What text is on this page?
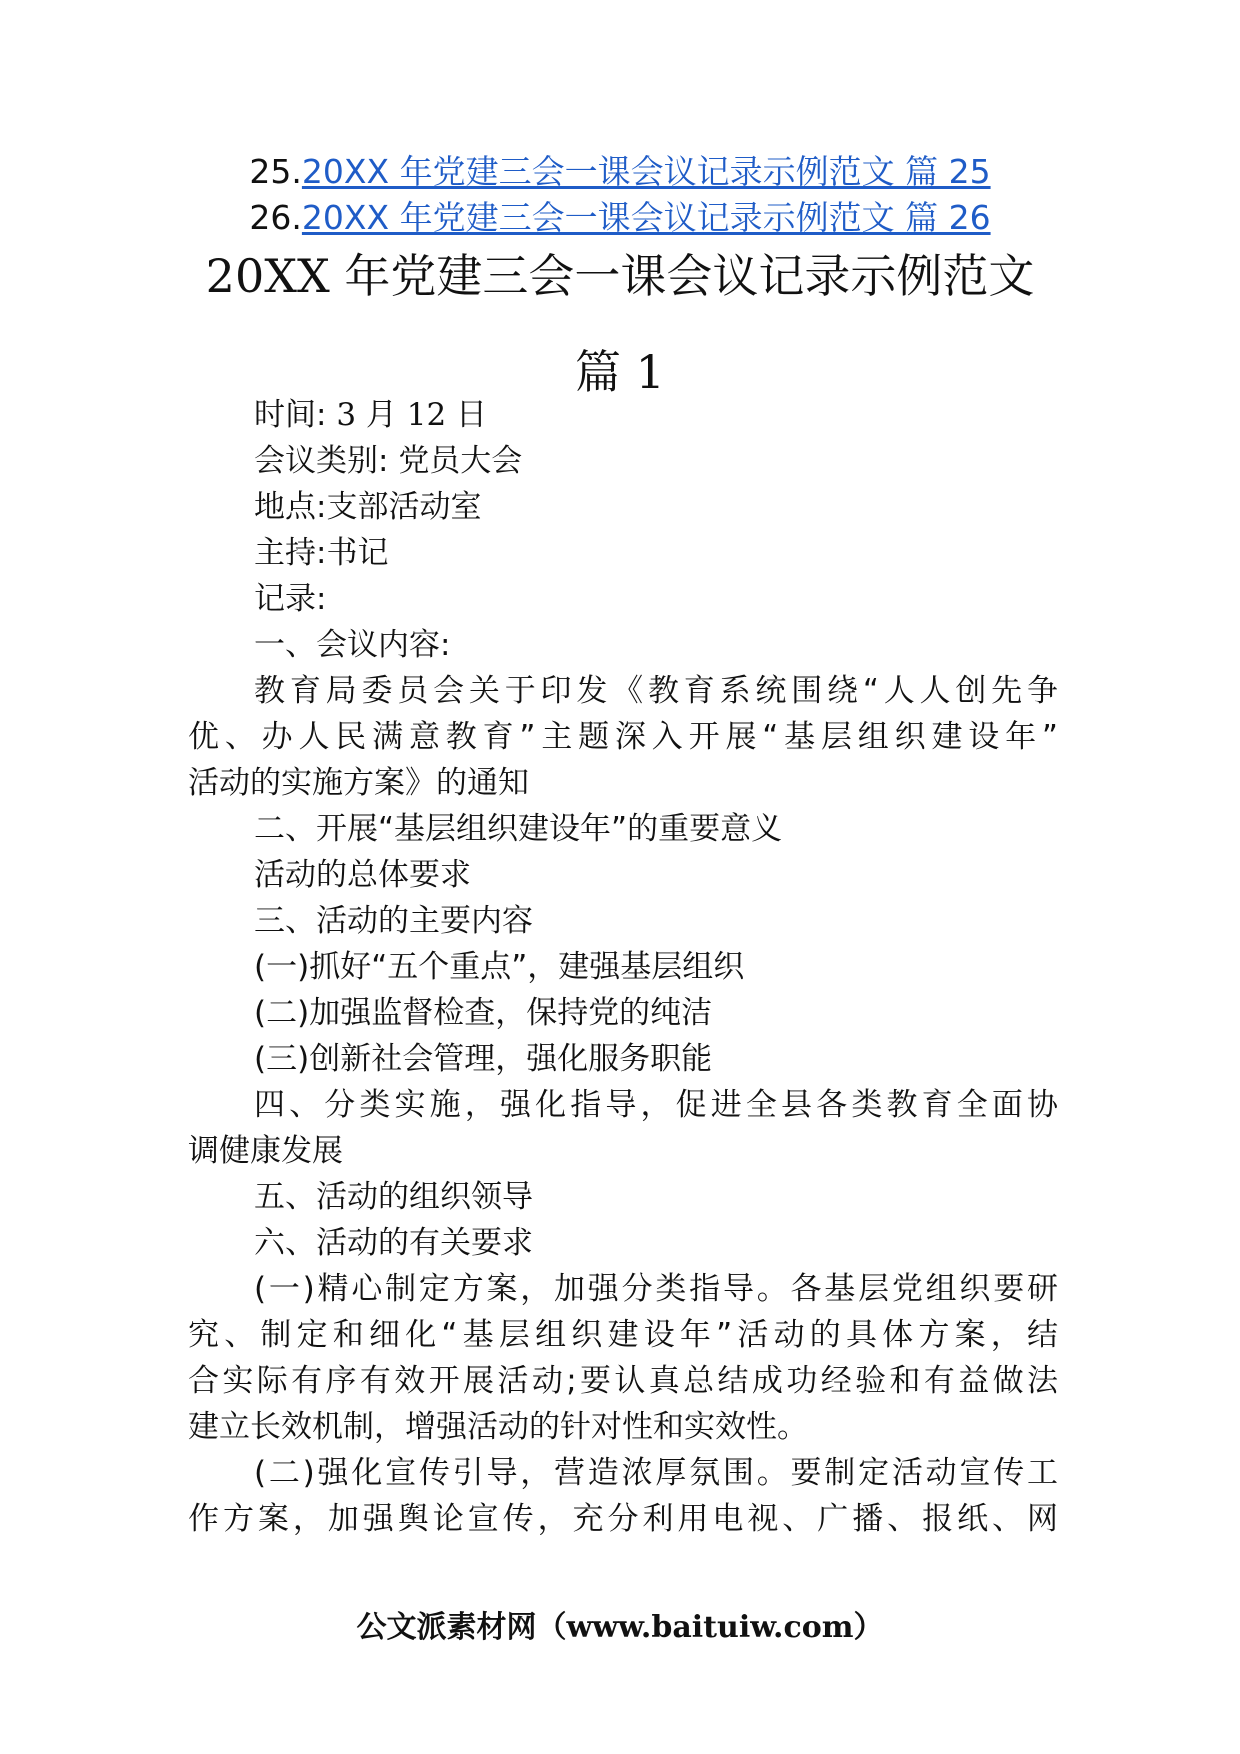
25.20XX 年党建三会一课会议记录示例范文 篇 25
26.20XX 年党建三会一课会议记录示例范文 篇 26
20XX 年党建三会一课会议记录示例范文
篇 1
时间: 3 月 12 日
会议类别: 党员大会
地点:支部活动室
主持:书记
记录:
一、会议内容:
教育局委员会关于印发《教育系统围绕“人人创先争
优、办人民满意教育”主题深入开展“基层组织建设年”
活动的实施方案》的通知
二、开展“基层组织建设年”的重要意义
活动的总体要求
三、活动的主要内容
(一)抓好“五个重点”，建强基层组织
(二)加强监督检查，保持党的纯洁
(三)创新社会管理，强化服务职能
四、分类实施，强化指导，促进全县各类教育全面协
调健康发展
五、活动的组织领导
六、活动的有关要求
(一)精心制定方案，加强分类指导。各基层党组织要研
究、制定和细化“基层组织建设年”活动的具体方案，结
合实际有序有效开展活动;要认真总结成功经验和有益做法
建立长效机制，增强活动的针对性和实效性。
(二)强化宣传引导，营造浓厚氛围。要制定活动宣传工
作方案，加强舆论宣传，充分利用电视、广播、报纸、网
公文派素材网（www.baituiw.com）
